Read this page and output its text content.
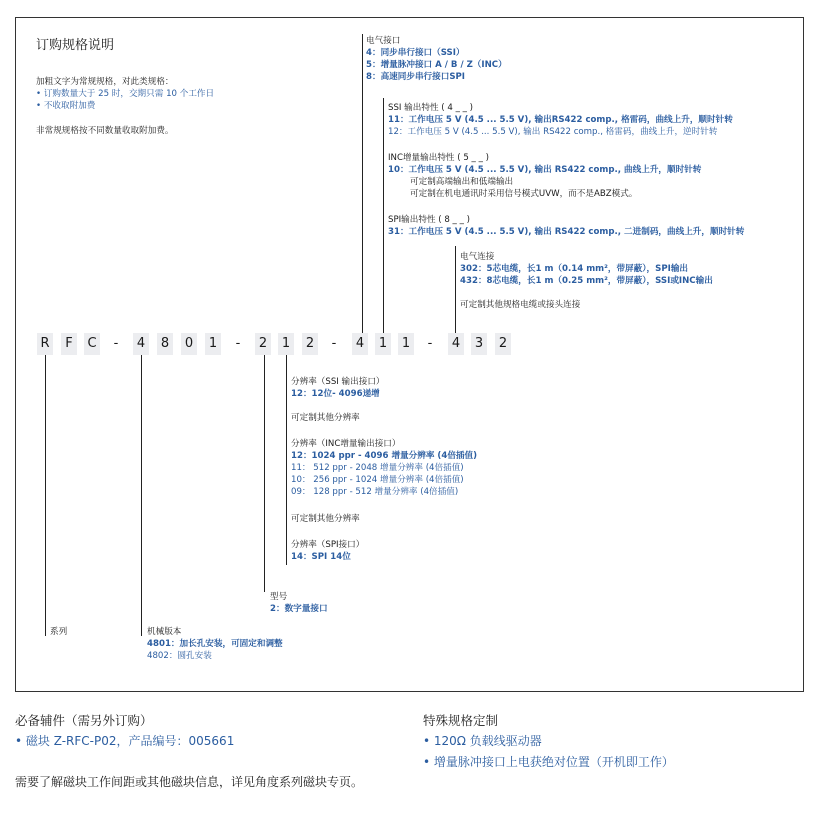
订购规格说明
加粗文字为常规规格，对此类规格：
• 订购数量大于 25 时，交期只需 10 个工作日
• 不收取附加费
非常规规格按不同数量收取附加费。
电气接口
4：同步串行接口（SSI）
5：增量脉冲接口 A / B / Z（INC）
8：高速同步串行接口SPI
SSI 输出特性 ( 4 _ _ )
11：工作电压 5 V (4.5 ... 5.5 V), 输出RS422 comp., 格雷码，曲线上升，顺时针转
12：工作电压 5 V (4.5 ... 5.5 V), 输出 RS422 comp., 格雷码，曲线上升，逆时针转
INC增量输出特性 ( 5 _ _ )
10：工作电压 5 V (4.5 ... 5.5 V), 输出 RS422 comp., 曲线上升，顺时针转
可定制高端输出和低端输出
可定制在机电通讯时采用信号模式UVW，而不是ABZ模式。
SPI输出特性 ( 8 _ _ )
31：工作电压 5 V (4.5 ... 5.5 V), 输出 RS422 comp., 二进制码，曲线上升，顺时针转
电气连接
302：5芯电缆，长1 m（0.14 mm²，带屏蔽），SPI输出
432：8芯电缆，长1 m（0.25 mm²，带屏蔽），SSI或INC输出
可定制其他规格电缆或接头连接
R	F	C	-	4 8 0 1	-	2 1 2	-	4 1 1	-	4 3 2
分辨率（SSI 输出接口）
12：12位- 4096递增
可定制其他分辨率
分辨率（INC增量输出接口）
12：1024 ppr - 4096 增量分辨率 (4倍插值)
11： 512 ppr - 2048 增量分辨率 (4倍插值)
10： 256 ppr - 1024 增量分辨率 (4倍插值)
09： 128 ppr - 512 增量分辨率 (4倍插值)
可定制其他分辨率
分辨率（SPI接口）
14：SPI 14位
型号
2：数字量接口
系列	机械版本
4801：加长孔安装，可固定和调整
4802：圆孔安装
必备辅件（需另外订购）
• 磁块 Z-RFC-P02，产品编号：005661
需要了解磁块工作间距或其他磁块信息，详见角度系列磁块专页。
特殊规格定制
• 120Ω 负载线驱动器
• 增量脉冲接口上电获绝对位置（开机即工作）
